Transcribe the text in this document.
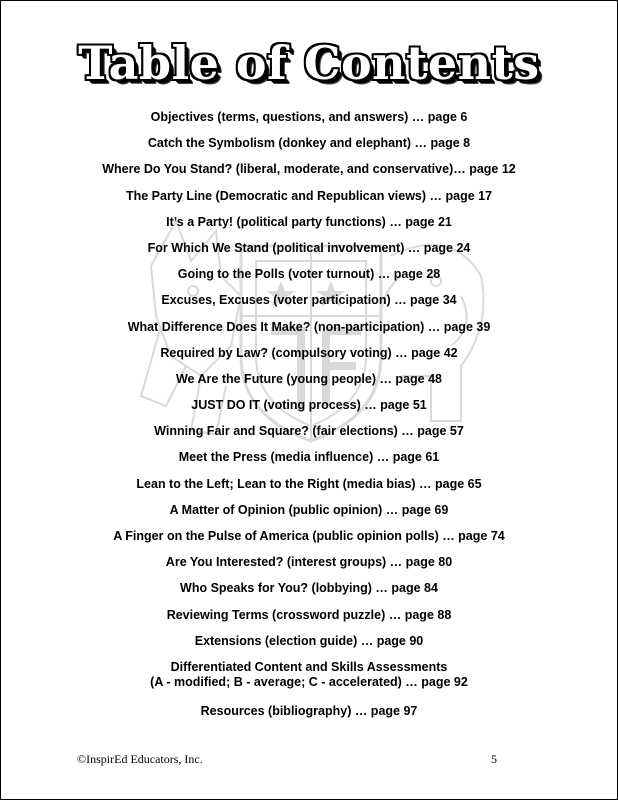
Table of Contents
Objectives (terms, questions, and answers) … page 6
Catch the Symbolism (donkey and elephant) … page 8
Where Do You Stand? (liberal, moderate, and conservative)… page 12
The Party Line (Democratic and Republican views) … page 17
It’s a Party! (political party functions) … page 21
For Which We Stand (political involvement) … page 24
Going to the Polls (voter turnout) … page 28
Excuses, Excuses (voter participation) … page 34
What Difference Does It Make? (non-participation) … page 39
Required by Law? (compulsory voting) … page 42
We Are the Future (young people) … page 48
JUST DO IT (voting process) … page 51
Winning Fair and Square? (fair elections) … page 57
Meet the Press (media influence) … page 61
Lean to the Left; Lean to the Right (media bias) … page 65
A Matter of Opinion (public opinion) … page 69
A Finger on the Pulse of America (public opinion polls) … page 74
Are You Interested? (interest groups) … page 80
Who Speaks for You? (lobbying) … page 84
Reviewing Terms (crossword puzzle) … page 88
Extensions (election guide) … page 90
Differentiated Content and Skills Assessments
(A - modified; B - average; C - accelerated) … page 92
Resources (bibliography) … page 97
©InspirEd Educators, Inc.	5
